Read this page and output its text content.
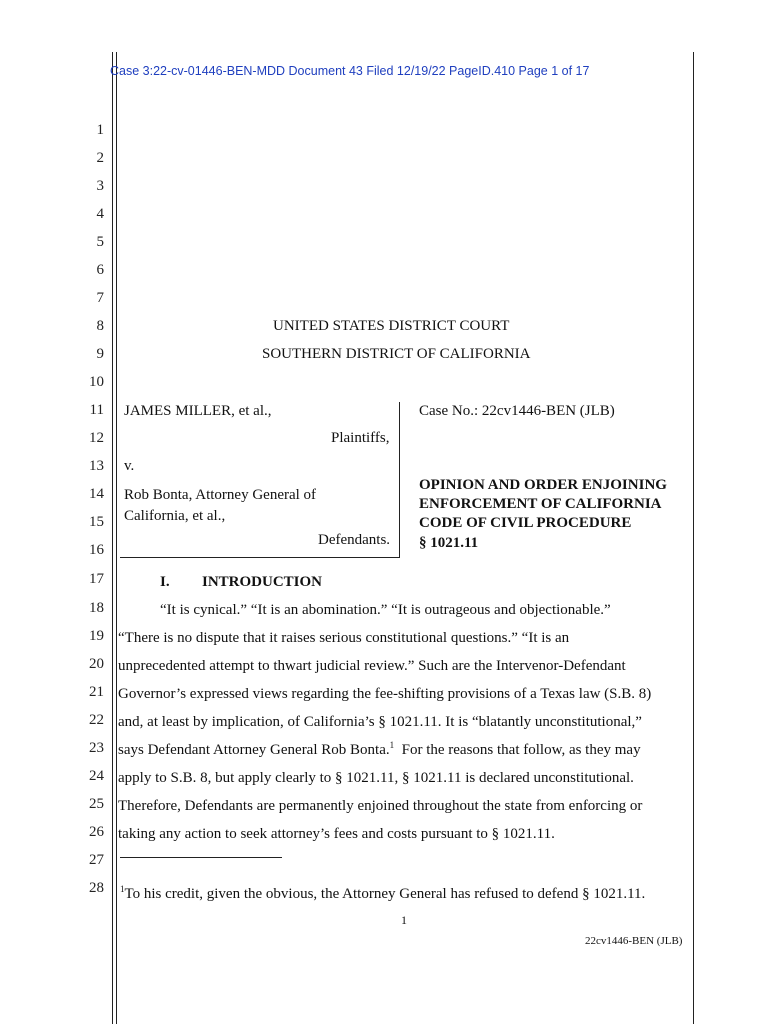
Case 3:22-cv-01446-BEN-MDD Document 43 Filed 12/19/22 PageID.410 Page 1 of 17
1
2
3
4
5
6
7
8
9
10
11
12
13
14
15
16
17
18
19
20
21
22
23
24
25
26
27
28
UNITED STATES DISTRICT COURT
SOUTHERN DISTRICT OF CALIFORNIA
JAMES MILLER, et al.,
Plaintiffs,
v.
Rob Bonta, Attorney General of
California, et al.,
Defendants.
Case No.: 22cv1446-BEN (JLB)
OPINION AND ORDER ENJOINING
ENFORCEMENT OF CALIFORNIA
CODE OF CIVIL PROCEDURE
§ 1021.11
I. INTRODUCTION
“It is cynical.” “It is an abomination.” “It is outrageous and objectionable.”
“There is no dispute that it raises serious constitutional questions.” “It is an
unprecedented attempt to thwart judicial review.” Such are the Intervenor-Defendant
Governor’s expressed views regarding the fee-shifting provisions of a Texas law (S.B. 8)
and, at least by implication, of California’s § 1021.11. It is “blatantly unconstitutional,”
says Defendant Attorney General Rob Bonta.$^1$ For the reasons that follow, as they may
apply to S.B. 8, but apply clearly to § 1021.11, § 1021.11 is declared unconstitutional.
Therefore, Defendants are permanently enjoined throughout the state from enforcing or
taking any action to seek attorney’s fees and costs pursuant to § 1021.11.
$^1$To his credit, given the obvious, the Attorney General has refused to defend § 1021.11.
1
22cv1446-BEN (JLB)
